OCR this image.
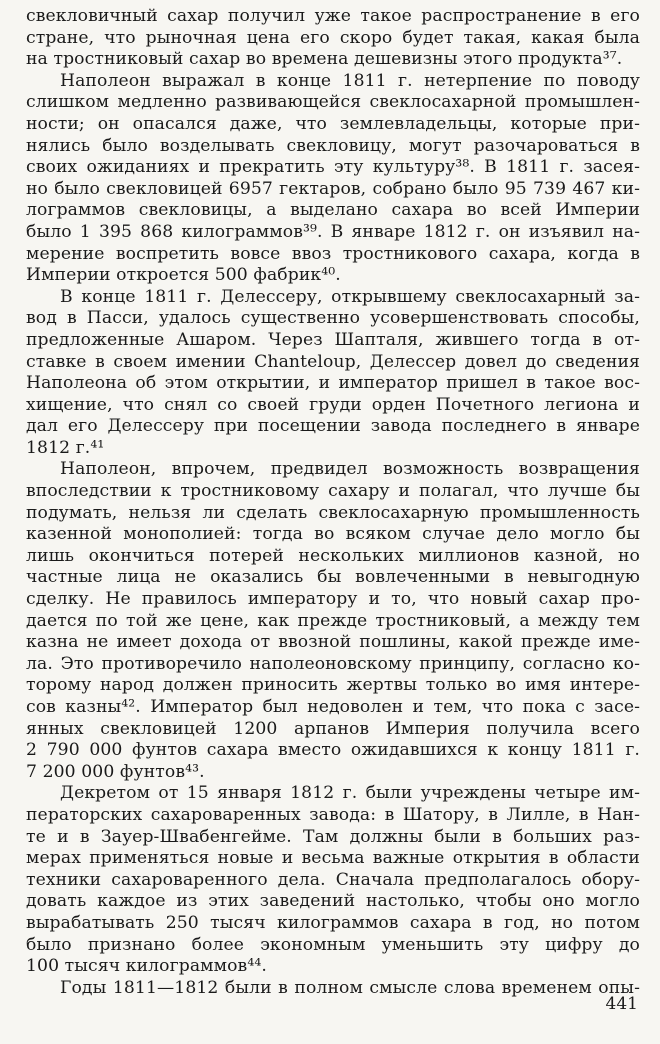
свекловичный сахар получил уже такое распространение в его
стране, что рыночная цена его скоро будет такая, какая была
на тростниковый сахар во времена дешевизны этого продукта³⁷.
Наполеон выражал в конце 1811 г. нетерпение по поводу
слишком медленно развивающейся свеклосахарной промышлен-
ности; он опасался даже, что землевладельцы, которые при-
нялись было возделывать свекловицу, могут разочароваться в
своих ожиданиях и прекратить эту культуру³⁸. В 1811 г. засея-
но было свекловицей 6957 гектаров, собрано было 95 739 467 ки-
лограммов свекловицы, а выделано сахара во всей Империи
было 1 395 868 килограммов³⁹. В январе 1812 г. он изъявил на-
мерение воспретить вовсе ввоз тростникового сахара, когда в
Империи откроется 500 фабрик⁴⁰.
В конце 1811 г. Делессеру, открывшему свеклосахарный за-
вод в Пасси, удалось существенно усовершенствовать способы,
предложенные Ашаром. Через Шапталя, жившего тогда в от-
ставке в своем имении Chanteloup, Делессер довел до сведения
Наполеона об этом открытии, и император пришел в такое вос-
хищение, что снял со своей груди орден Почетного легиона и
дал его Делессеру при посещении завода последнего в январе
1812 г.⁴¹
Наполеон, впрочем, предвидел возможность возвращения
впоследствии к тростниковому сахару и полагал, что лучше бы
подумать, нельзя ли сделать свеклосахарную промышленность
казенной монополией: тогда во всяком случае дело могло бы
лишь окончиться потерей нескольких миллионов казной, но
частные лица не оказались бы вовлеченными в невыгодную
сделку. Не правилось императору и то, что новый сахар про-
дается по той же цене, как прежде тростниковый, а между тем
казна не имеет дохода от ввозной пошлины, какой прежде име-
ла. Это противоречило наполеоновскому принципу, согласно ко-
торому народ должен приносить жертвы только во имя интере-
сов казны⁴². Император был недоволен и тем, что пока с засе-
янных свекловицей 1200 арпанов Империя получила всего
2 790 000 фунтов сахара вместо ожидавшихся к концу 1811 г.
7 200 000 фунтов⁴³.
Декретом от 15 января 1812 г. были учреждены четыре им-
ператорских сахароваренных завода: в Шатору, в Лилле, в Нан-
те и в Зауер-Швабенгейме. Там должны были в больших раз-
мерах применяться новые и весьма важные открытия в области
техники сахароваренного дела. Сначала предполагалось обору-
довать каждое из этих заведений настолько, чтобы оно могло
вырабатывать 250 тысяч килограммов сахара в год, но потом
было признано более экономным уменьшить эту цифру до
100 тысяч килограммов⁴⁴.
Годы 1811—1812 были в полном смысле слова временем опы-
441
